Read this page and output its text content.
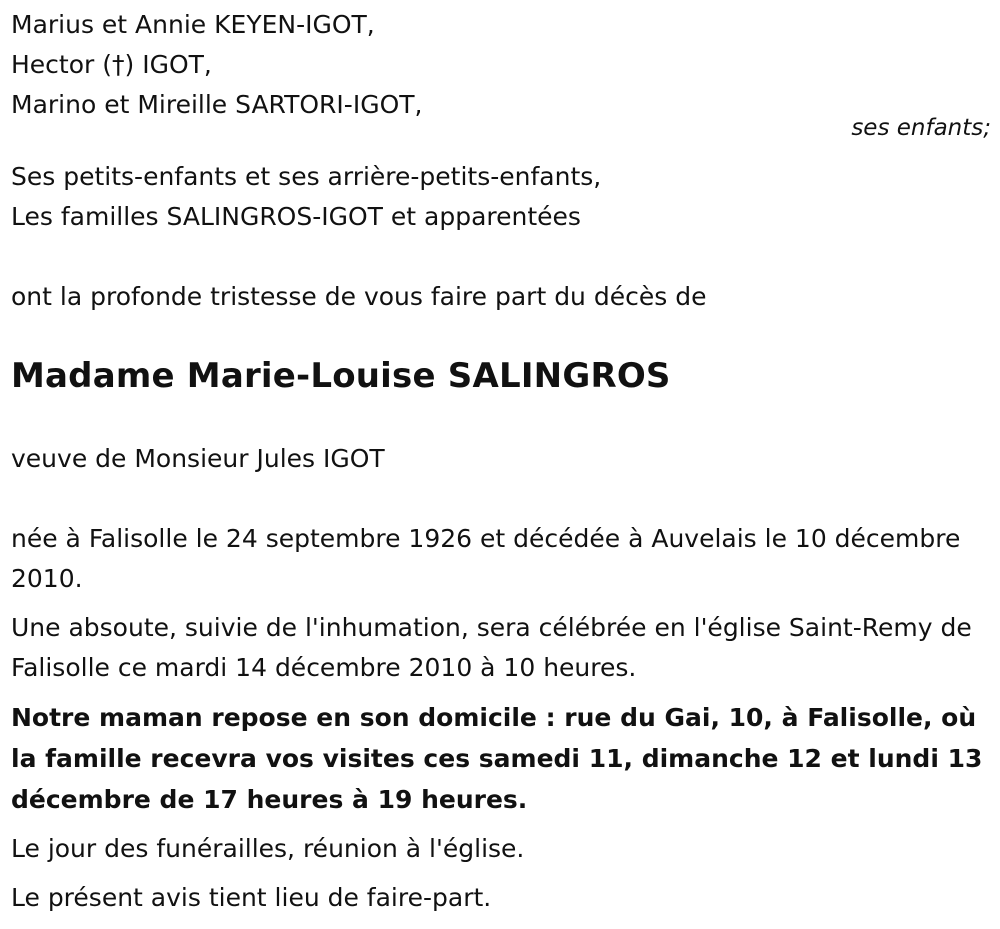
Marius et Annie KEYEN-IGOT,
Hector (†) IGOT,
Marino et Mireille SARTORI-IGOT,
ses enfants;
Ses petits-enfants et ses arrière-petits-enfants,
Les familles SALINGROS-IGOT et apparentées
ont la profonde tristesse de vous faire part du décès de
Madame Marie-Louise SALINGROS
veuve de Monsieur Jules IGOT
née à Falisolle le 24 septembre 1926 et décédée à Auvelais le 10 décembre 2010.
Une absoute, suivie de l'inhumation, sera célébrée en l'église Saint-Remy de Falisolle ce mardi 14 décembre 2010 à 10 heures.
Notre maman repose en son domicile : rue du Gai, 10, à Falisolle, où la famille recevra vos visites ces samedi 11, dimanche 12 et lundi 13 décembre de 17 heures à 19 heures.
Le jour des funérailles, réunion à l'église.
Le présent avis tient lieu de faire-part.
